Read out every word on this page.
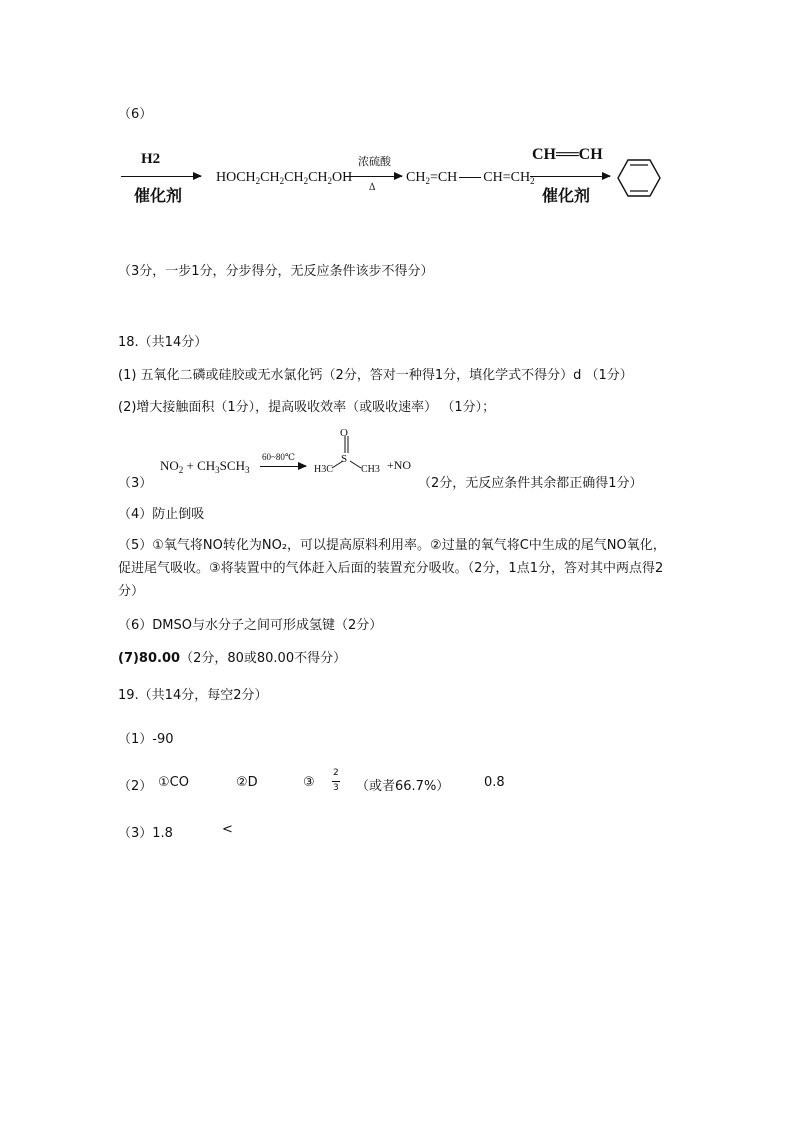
（6）
H2
催化剂
$HOCH_2CH_2CH_2CH_2OH$
浓硫酸
Δ
$CH_2=CH$ $CH=CH_2$
CH══CH
催化剂
（3分，一步1分，分步得分，无反应条件该步不得分）
18.（共14分）
(1) 五氧化二磷或硅胶或无水氯化钙（2分，答对一种得1分，填化学式不得分）d （1分）
(2)增大接触面积（1分），提高吸收效率（或吸收速率） （1分）；
（3）
$NO_2 + CH_3SCH_3$
60~80℃
O
S
H3C	CH3 +NO
（2分，无反应条件其余都正确得1分）
（4）防止倒吸
（5）①氧气将NO转化为NO₂，可以提高原料利用率。②过量的氧气将C中生成的尾气NO氧化，促进尾气吸收。③将装置中的气体赶入后面的装置充分吸收。（2分，1点1分，答对其中两点得2分）
（6）DMSO与水分子之间可形成氢键（2分）
(7)80.00（2分，80或80.00不得分）
19.（共14分，每空2分）
（1）-90
（2） ①CO	②D	③
2
3 （或者66.7%）	0.8
（3）1.8	<
